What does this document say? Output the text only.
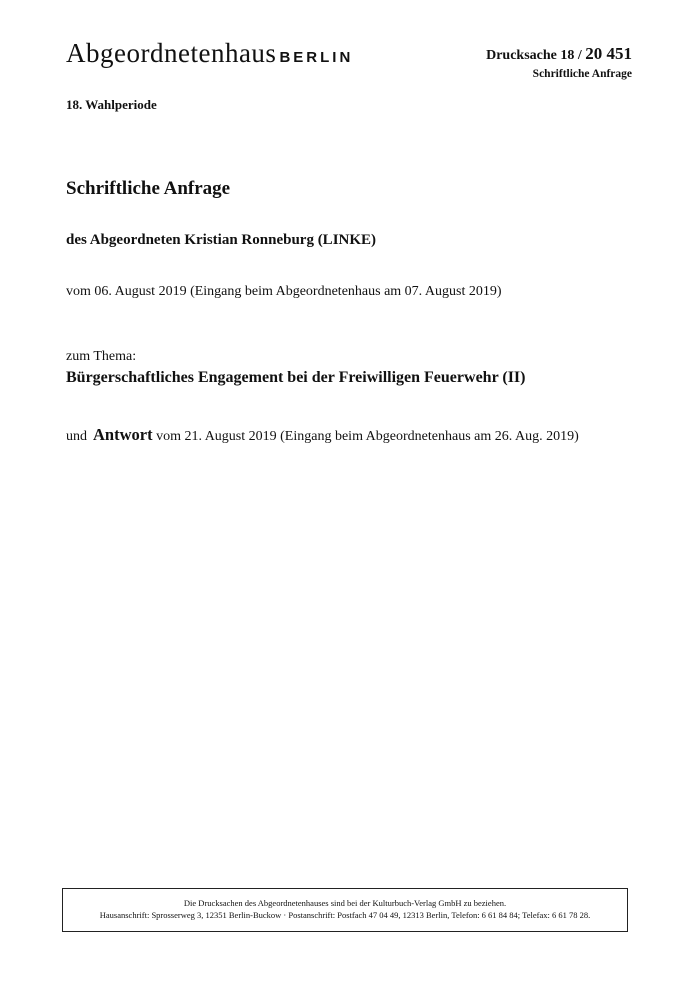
Abgeordnetenhaus BERLIN	Drucksache 18 / 20 451
Schriftliche Anfrage
18. Wahlperiode
Schriftliche Anfrage
des Abgeordneten Kristian Ronneburg (LINKE)
vom 06. August 2019 (Eingang beim Abgeordnetenhaus am 07. August 2019)
zum Thema:
Bürgerschaftliches Engagement bei der Freiwilligen Feuerwehr (II)
und Antwort vom 21. August 2019 (Eingang beim Abgeordnetenhaus am 26. Aug. 2019)
Die Drucksachen des Abgeordnetenhauses sind bei der Kulturbuch-Verlag GmbH zu beziehen.
Hausanschrift: Sprosserweg 3, 12351 Berlin-Buckow · Postanschrift: Postfach 47 04 49, 12313 Berlin, Telefon: 6 61 84 84; Telefax: 6 61 78 28.
